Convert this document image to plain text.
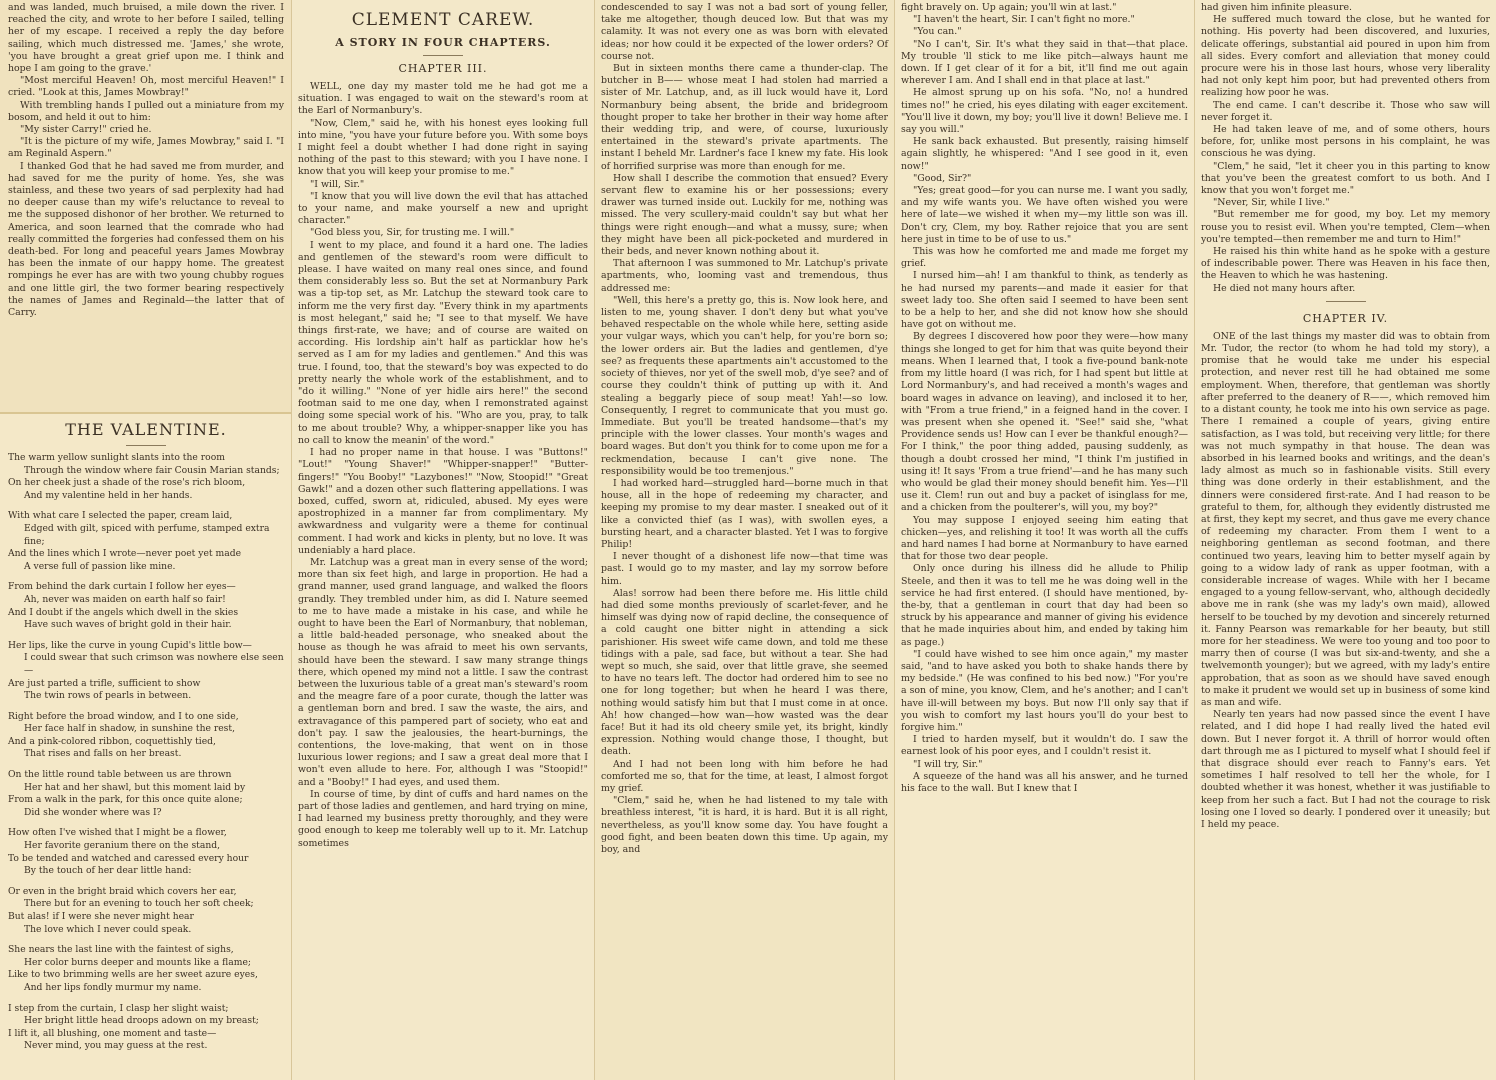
and was landed, much bruised, a mile down the river. I reached the city, and wrote to her before I sailed, telling her of my escape. I received a reply the day before sailing, which much distressed me. 'James,' she wrote, 'you have brought a great grief upon me. I think and hope I am going to the grave.'

"Most merciful Heaven! Oh, most merciful Heaven!" I cried. "Look at this, James Mowbray!"

With trembling hands I pulled out a miniature from my bosom, and held it out to him:

"My sister Carry!" cried he.

"It is the picture of my wife, James Mowbray," said I. "I am Reginald Aspern."

I thanked God that he had saved me from murder, and had saved for me the purity of home. Yes, she was stainless, and these two years of sad perplexity had had no deeper cause than my wife's reluctance to reveal to me the supposed dishonor of her brother. We returned to America, and soon learned that the comrade who had really committed the forgeries had confessed them on his death-bed. For long and peaceful years James Mowbray has been the inmate of our happy home. The greatest rompings he ever has are with two young chubby rogues and one little girl, the two former bearing respectively the names of James and Reginald—the latter that of Carry.

THE VALENTINE.

The warm yellow sunlight slants into the room

Through the window where fair Cousin Marian stands;

On her cheek just a shade of the rose's rich bloom,

And my valentine held in her hands.

With what care I selected the paper, cream laid,

Edged with gilt, spiced with perfume, stamped extra fine;

And the lines which I wrote—never poet yet made

A verse full of passion like mine.

From behind the dark curtain I follow her eyes—

Ah, never was maiden on earth half so fair!

And I doubt if the angels which dwell in the skies

Have such waves of bright gold in their hair.

Her lips, like the curve in young Cupid's little bow—

I could swear that such crimson was nowhere else seen—

Are just parted a trifle, sufficient to show

The twin rows of pearls in between.

Right before the broad window, and I to one side,

Her face half in shadow, in sunshine the rest,

And a pink-colored ribbon, coquettishly tied,

That rises and falls on her breast.

On the little round table between us are thrown

Her hat and her shawl, but this moment laid by

From a walk in the park, for this once quite alone;

Did she wonder where was I?

How often I've wished that I might be a flower,

Her favorite geranium there on the stand,

To be tended and watched and caressed every hour

By the touch of her dear little hand:

Or even in the bright braid which covers her ear,

There but for an evening to touch her soft cheek;

But alas! if I were she never might hear

The love which I never could speak.

She nears the last line with the faintest of sighs,

Her color burns deeper and mounts like a flame;

Like to two brimming wells are her sweet azure eyes,

And her lips fondly murmur my name.

I step from the curtain, I clasp her slight waist;

Her bright little head droops adown on my breast;

I lift it, all blushing, one moment and taste—

Never mind, you may guess at the rest.

CLEMENT CAREW.
A STORY IN FOUR CHAPTERS.
CHAPTER III.

WELL, one day my master told me he had got me a situation. I was engaged to wait on the steward's room at the Earl of Normanbury's.

"Now, Clem," said he, with his honest eyes looking full into mine, "you have your future before you. With some boys I might feel a doubt whether I had done right in saying nothing of the past to this steward; with you I have none. I know that you will keep your promise to me."

"I will, Sir."

"I know that you will live down the evil that has attached to your name, and make yourself a new and upright character."

"God bless you, Sir, for trusting me. I will."

I went to my place, and found it a hard one. The ladies and gentlemen of the steward's room were difficult to please. I have waited on many real ones since, and found them considerably less so. But the set at Normanbury Park was a tip-top set, as Mr. Latchup the steward took care to inform me the very first day. "Every think in my apartments is most helegant," said he; "I see to that myself. We have things first-rate, we have; and of course are waited on according. His lordship ain't half as particklar how he's served as I am for my ladies and gentlemen." And this was true. I found, too, that the steward's boy was expected to do pretty nearly the whole work of the establishment, and to "do it willing." "None of yer hidle airs here!" the second footman said to me one day, when I remonstrated against doing some special work of his. "Who are you, pray, to talk to me about trouble? Why, a whipper-snapper like you has no call to know the meanin' of the word."

I had no proper name in that house. I was "Buttons!" "Lout!" "Young Shaver!" "Whipper-snapper!" "Butter-fingers!" "You Booby!" "Lazybones!" "Now, Stoopid!" "Great Gawk!" and a dozen other such flattering appellations. I was boxed, cuffed, sworn at, ridiculed, abused. My eyes were apostrophized in a manner far from complimentary. My awkwardness and vulgarity were a theme for continual comment. I had work and kicks in plenty, but no love. It was undeniably a hard place.

Mr. Latchup was a great man in every sense of the word; more than six feet high, and large in proportion. He had a grand manner, used grand language, and walked the floors grandly. They trembled under him, as did I. Nature seemed to me to have made a mistake in his case, and while he ought to have been the Earl of Normanbury, that nobleman, a little bald-headed personage, who sneaked about the house as though he was afraid to meet his own servants, should have been the steward. I saw many strange things there, which opened my mind not a little. I saw the contrast between the luxurious table of a great man's steward's room and the meagre fare of a poor curate, though the latter was a gentleman born and bred. I saw the waste, the airs, and extravagance of this pampered part of society, who eat and don't pay. I saw the jealousies, the heart-burnings, the contentions, the love-making, that went on in those luxurious lower regions; and I saw a great deal more that I won't even allude to here. For, although I was "Stoopid!" and a "Booby!" I had eyes, and used them.

In course of time, by dint of cuffs and hard names on the part of those ladies and gentlemen, and hard trying on mine, I had learned my business pretty thoroughly, and they were good enough to keep me tolerably well up to it. Mr. Latchup sometimes

condescended to say I was not a bad sort of young feller, take me altogether, though deuced low. But that was my calamity. It was not every one as was born with elevated ideas; nor how could it be expected of the lower orders? Of course not.

But in sixteen months there came a thunder-clap. The butcher in B—— whose meat I had stolen had married a sister of Mr. Latchup, and, as ill luck would have it, Lord Normanbury being absent, the bride and bridegroom thought proper to take her brother in their way home after their wedding trip, and were, of course, luxuriously entertained in the steward's private apartments. The instant I beheld Mr. Lardner's face I knew my fate. His look of horrified surprise was more than enough for me.

How shall I describe the commotion that ensued? Every servant flew to examine his or her possessions; every drawer was turned inside out. Luckily for me, nothing was missed. The very scullery-maid couldn't say but what her things were right enough—and what a mussy, sure; when they might have been all pick-pocketed and murdered in their beds, and never known nothing about it.

That afternoon I was summoned to Mr. Latchup's private apartments, who, looming vast and tremendous, thus addressed me:

"Well, this here's a pretty go, this is. Now look here, and listen to me, young shaver. I don't deny but what you've behaved respectable on the whole while here, setting aside your vulgar ways, which you can't help, for you're born so; the lower orders air. But the ladies and gentlemen, d'ye see? as frequents these apartments ain't accustomed to the society of thieves, nor yet of the swell mob, d'ye see? and of course they couldn't think of putting up with it. And stealing a beggarly piece of soup meat! Yah!—so low. Consequently, I regret to communicate that you must go. Immediate. But you'll be treated handsome—that's my principle with the lower classes. Your month's wages and board wages. But don't you think for to come upon me for a reckmendation, because I can't give none. The responsibility would be too tremenjous."

I had worked hard—struggled hard—borne much in that house, all in the hope of redeeming my character, and keeping my promise to my dear master. I sneaked out of it like a convicted thief (as I was), with swollen eyes, a bursting heart, and a character blasted. Yet I was to forgive Philip!

I never thought of a dishonest life now—that time was past. I would go to my master, and lay my sorrow before him.

Alas! sorrow had been there before me. His little child had died some months previously of scarlet-fever, and he himself was dying now of rapid decline, the consequence of a cold caught one bitter night in attending a sick parishioner. His sweet wife came down, and told me these tidings with a pale, sad face, but without a tear. She had wept so much, she said, over that little grave, she seemed to have no tears left. The doctor had ordered him to see no one for long together; but when he heard I was there, nothing would satisfy him but that I must come in at once. Ah! how changed—how wan—how wasted was the dear face! But it had its old cheery smile yet, its bright, kindly expression. Nothing would change those, I thought, but death.

And I had not been long with him before he had comforted me so, that for the time, at least, I almost forgot my grief.

"Clem," said he, when he had listened to my tale with breathless interest, "it is hard, it is hard. But it is all right, nevertheless, as you'll know some day. You have fought a good fight, and been beaten down this time. Up again, my boy, and

fight bravely on. Up again; you'll win at last."

"I haven't the heart, Sir. I can't fight no more."

"You can."

"No I can't, Sir. It's what they said in that—that place. My trouble 'll stick to me like pitch—always haunt me down. If I get clear of it for a bit, it'll find me out again wherever I am. And I shall end in that place at last."

He almost sprung up on his sofa. "No, no! a hundred times no!" he cried, his eyes dilating with eager excitement. "You'll live it down, my boy; you'll live it down! Believe me. I say you will."

He sank back exhausted. But presently, raising himself again slightly, he whispered: "And I see good in it, even now!"

"Good, Sir?"

"Yes; great good—for you can nurse me. I want you sadly, and my wife wants you. We have often wished you were here of late—we wished it when my—my little son was ill. Don't cry, Clem, my boy. Rather rejoice that you are sent here just in time to be of use to us."

This was how he comforted me and made me forget my grief.

I nursed him—ah! I am thankful to think, as tenderly as he had nursed my parents—and made it easier for that sweet lady too. She often said I seemed to have been sent to be a help to her, and she did not know how she should have got on without me.

By degrees I discovered how poor they were—how many things she longed to get for him that was quite beyond their means. When I learned that, I took a five-pound bank-note from my little hoard (I was rich, for I had spent but little at Lord Normanbury's, and had received a month's wages and board wages in advance on leaving), and inclosed it to her, with "From a true friend," in a feigned hand in the cover. I was present when she opened it. "See!" said she, "what Providence sends us! How can I ever be thankful enough?—For I think," the poor thing added, pausing suddenly, as though a doubt crossed her mind, "I think I'm justified in using it! It says 'From a true friend'—and he has many such who would be glad their money should benefit him. Yes—I'll use it. Clem! run out and buy a packet of isinglass for me, and a chicken from the poulterer's, will you, my boy?"

You may suppose I enjoyed seeing him eating that chicken—yes, and relishing it too! It was worth all the cuffs and hard names I had borne at Normanbury to have earned that for those two dear people.

Only once during his illness did he allude to Philip Steele, and then it was to tell me he was doing well in the service he had first entered. (I should have mentioned, by-the-by, that a gentleman in court that day had been so struck by his appearance and manner of giving his evidence that he made inquiries about him, and ended by taking him as page.)

"I could have wished to see him once again," my master said, "and to have asked you both to shake hands there by my bedside." (He was confined to his bed now.) "For you're a son of mine, you know, Clem, and he's another; and I can't have ill-will between my boys. But now I'll only say that if you wish to comfort my last hours you'll do your best to forgive him."

I tried to harden myself, but it wouldn't do. I saw the earnest look of his poor eyes, and I couldn't resist it.

"I will try, Sir."

A squeeze of the hand was all his answer, and he turned his face to the wall. But I knew that I

had given him infinite pleasure.

He suffered much toward the close, but he wanted for nothing. His poverty had been discovered, and luxuries, delicate offerings, substantial aid poured in upon him from all sides. Every comfort and alleviation that money could procure were his in those last hours, whose very liberality had not only kept him poor, but had prevented others from realizing how poor he was.

The end came. I can't describe it. Those who saw will never forget it.

He had taken leave of me, and of some others, hours before, for, unlike most persons in his complaint, he was conscious he was dying.

"Clem," he said, "let it cheer you in this parting to know that you've been the greatest comfort to us both. And I know that you won't forget me."

"Never, Sir, while I live."

"But remember me for good, my boy. Let my memory rouse you to resist evil. When you're tempted, Clem—when you're tempted—then remember me and turn to Him!"

He raised his thin white hand as he spoke with a gesture of indescribable power. There was Heaven in his face then, the Heaven to which he was hastening.

He died not many hours after.

CHAPTER IV.

ONE of the last things my master did was to obtain from Mr. Tudor, the rector (to whom he had told my story), a promise that he would take me under his especial protection, and never rest till he had obtained me some employment. When, therefore, that gentleman was shortly after preferred to the deanery of R——, which removed him to a distant county, he took me into his own service as page. There I remained a couple of years, giving entire satisfaction, as I was told, but receiving very little; for there was not much sympathy in that house. The dean was absorbed in his learned books and writings, and the dean's lady almost as much so in fashionable visits. Still every thing was done orderly in their establishment, and the dinners were considered first-rate. And I had reason to be grateful to them, for, although they evidently distrusted me at first, they kept my secret, and thus gave me every chance of redeeming my character. From them I went to a neighboring gentleman as second footman, and there continued two years, leaving him to better myself again by going to a widow lady of rank as upper footman, with a considerable increase of wages. While with her I became engaged to a young fellow-servant, who, although decidedly above me in rank (she was my lady's own maid), allowed herself to be touched by my devotion and sincerely returned it. Fanny Pearson was remarkable for her beauty, but still more for her steadiness. We were too young and too poor to marry then of course (I was but six-and-twenty, and she a twelvemonth younger); but we agreed, with my lady's entire approbation, that as soon as we should have saved enough to make it prudent we would set up in business of some kind as man and wife.

Nearly ten years had now passed since the event I have related, and I did hope I had really lived the hated evil down. But I never forgot it. A thrill of horror would often dart through me as I pictured to myself what I should feel if that disgrace should ever reach to Fanny's ears. Yet sometimes I half resolved to tell her the whole, for I doubted whether it was honest, whether it was justifiable to keep from her such a fact. But I had not the courage to risk losing one I loved so dearly. I pondered over it uneasily; but I held my peace.
